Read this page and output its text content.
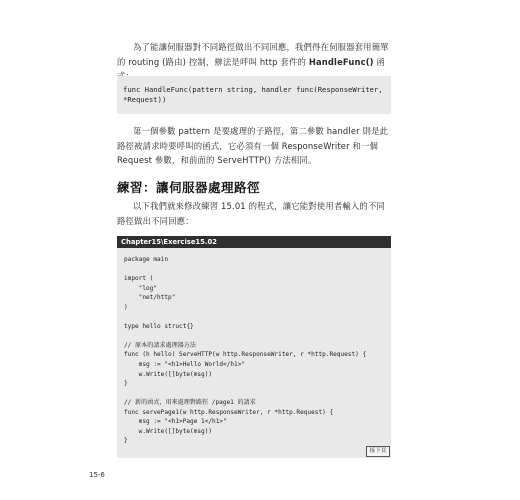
為了能讓伺服器對不同路徑做出不同回應，我們得在伺服器套用簡單的 routing (路由) 控制，辦法是呼叫 http 套件的 HandleFunc() 函

func HandleFunc(pattern string, handler func(ResponseWriter,
*Request))

第一個參數 pattern 是要處理的子路徑，第二參數 handler 則是此路徑被請求時要呼叫的函式，它必須有一個 ResponseWriter 和一個 Request 參數，和前面的 ServeHTTP() 方法相同。

練習：讓伺服器處理路徑

以下我們就來修改練習 15.01 的程式，讓它能對使用者輸入的不同路徑做出不同回應：

Chapter15\Exercise15.02
package main
import (
"log"
"net/http"
)
type hello struct{}
// 原本的請求處理器方法
func (h hello) ServeHTTP(w http.ResponseWriter, r *http.Request) {
msg := "<h1>Hello World</h1>"
w.Write([]byte(msg))
}
// 新的函式，用來處理對路徑 /page1 的請求
func servePage1(w http.ResponseWriter, r *http.Request) {
msg := "<h1>Page 1</h1>"
w.Write([]byte(msg))
}
接下頁
15-6
